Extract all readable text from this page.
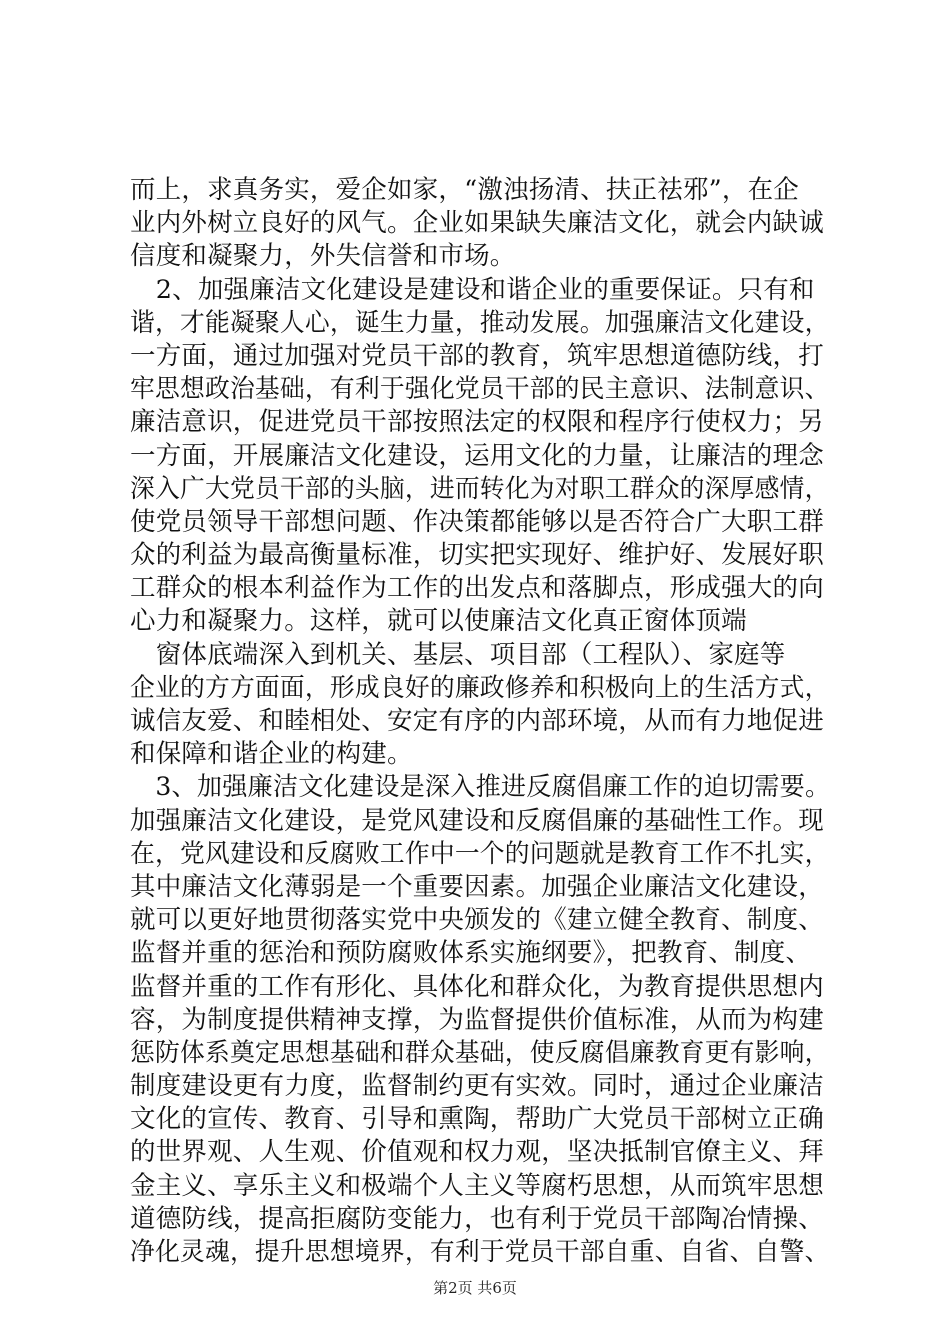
而上，求真务实，爱企如家，“激浊扬清、扶正祛邪”，在企
业内外树立良好的风气。企业如果缺失廉洁文化，就会内缺诚
信度和凝聚力，外失信誉和市场。
　2、加强廉洁文化建设是建设和谐企业的重要保证。只有和
谐，才能凝聚人心，诞生力量，推动发展。加强廉洁文化建设，
一方面，通过加强对党员干部的教育，筑牢思想道德防线，打
牢思想政治基础，有利于强化党员干部的民主意识、法制意识、
廉洁意识，促进党员干部按照法定的权限和程序行使权力；另
一方面，开展廉洁文化建设，运用文化的力量，让廉洁的理念
深入广大党员干部的头脑，进而转化为对职工群众的深厚感情，
使党员领导干部想问题、作决策都能够以是否符合广大职工群
众的利益为最高衡量标准，切实把实现好、维护好、发展好职
工群众的根本利益作为工作的出发点和落脚点，形成强大的向
心力和凝聚力。这样，就可以使廉洁文化真正窗体顶端
　窗体底端深入到机关、基层、项目部（工程队）、家庭等
企业的方方面面，形成良好的廉政修养和积极向上的生活方式，
诚信友爱、和睦相处、安定有序的内部环境，从而有力地促进
和保障和谐企业的构建。
　3、加强廉洁文化建设是深入推进反腐倡廉工作的迫切需要。
加强廉洁文化建设，是党风建设和反腐倡廉的基础性工作。现
在，党风建设和反腐败工作中一个的问题就是教育工作不扎实，
其中廉洁文化薄弱是一个重要因素。加强企业廉洁文化建设，
就可以更好地贯彻落实党中央颁发的《建立健全教育、制度、
监督并重的惩治和预防腐败体系实施纲要》，把教育、制度、
监督并重的工作有形化、具体化和群众化，为教育提供思想内
容，为制度提供精神支撑，为监督提供价值标准，从而为构建
惩防体系奠定思想基础和群众基础，使反腐倡廉教育更有影响，
制度建设更有力度，监督制约更有实效。同时，通过企业廉洁
文化的宣传、教育、引导和熏陶，帮助广大党员干部树立正确
的世界观、人生观、价值观和权力观，坚决抵制官僚主义、拜
金主义、享乐主义和极端个人主义等腐朽思想，从而筑牢思想
道德防线，提高拒腐防变能力，也有利于党员干部陶冶情操、
净化灵魂，提升思想境界，有利于党员干部自重、自省、自警、
第2页 共6页
